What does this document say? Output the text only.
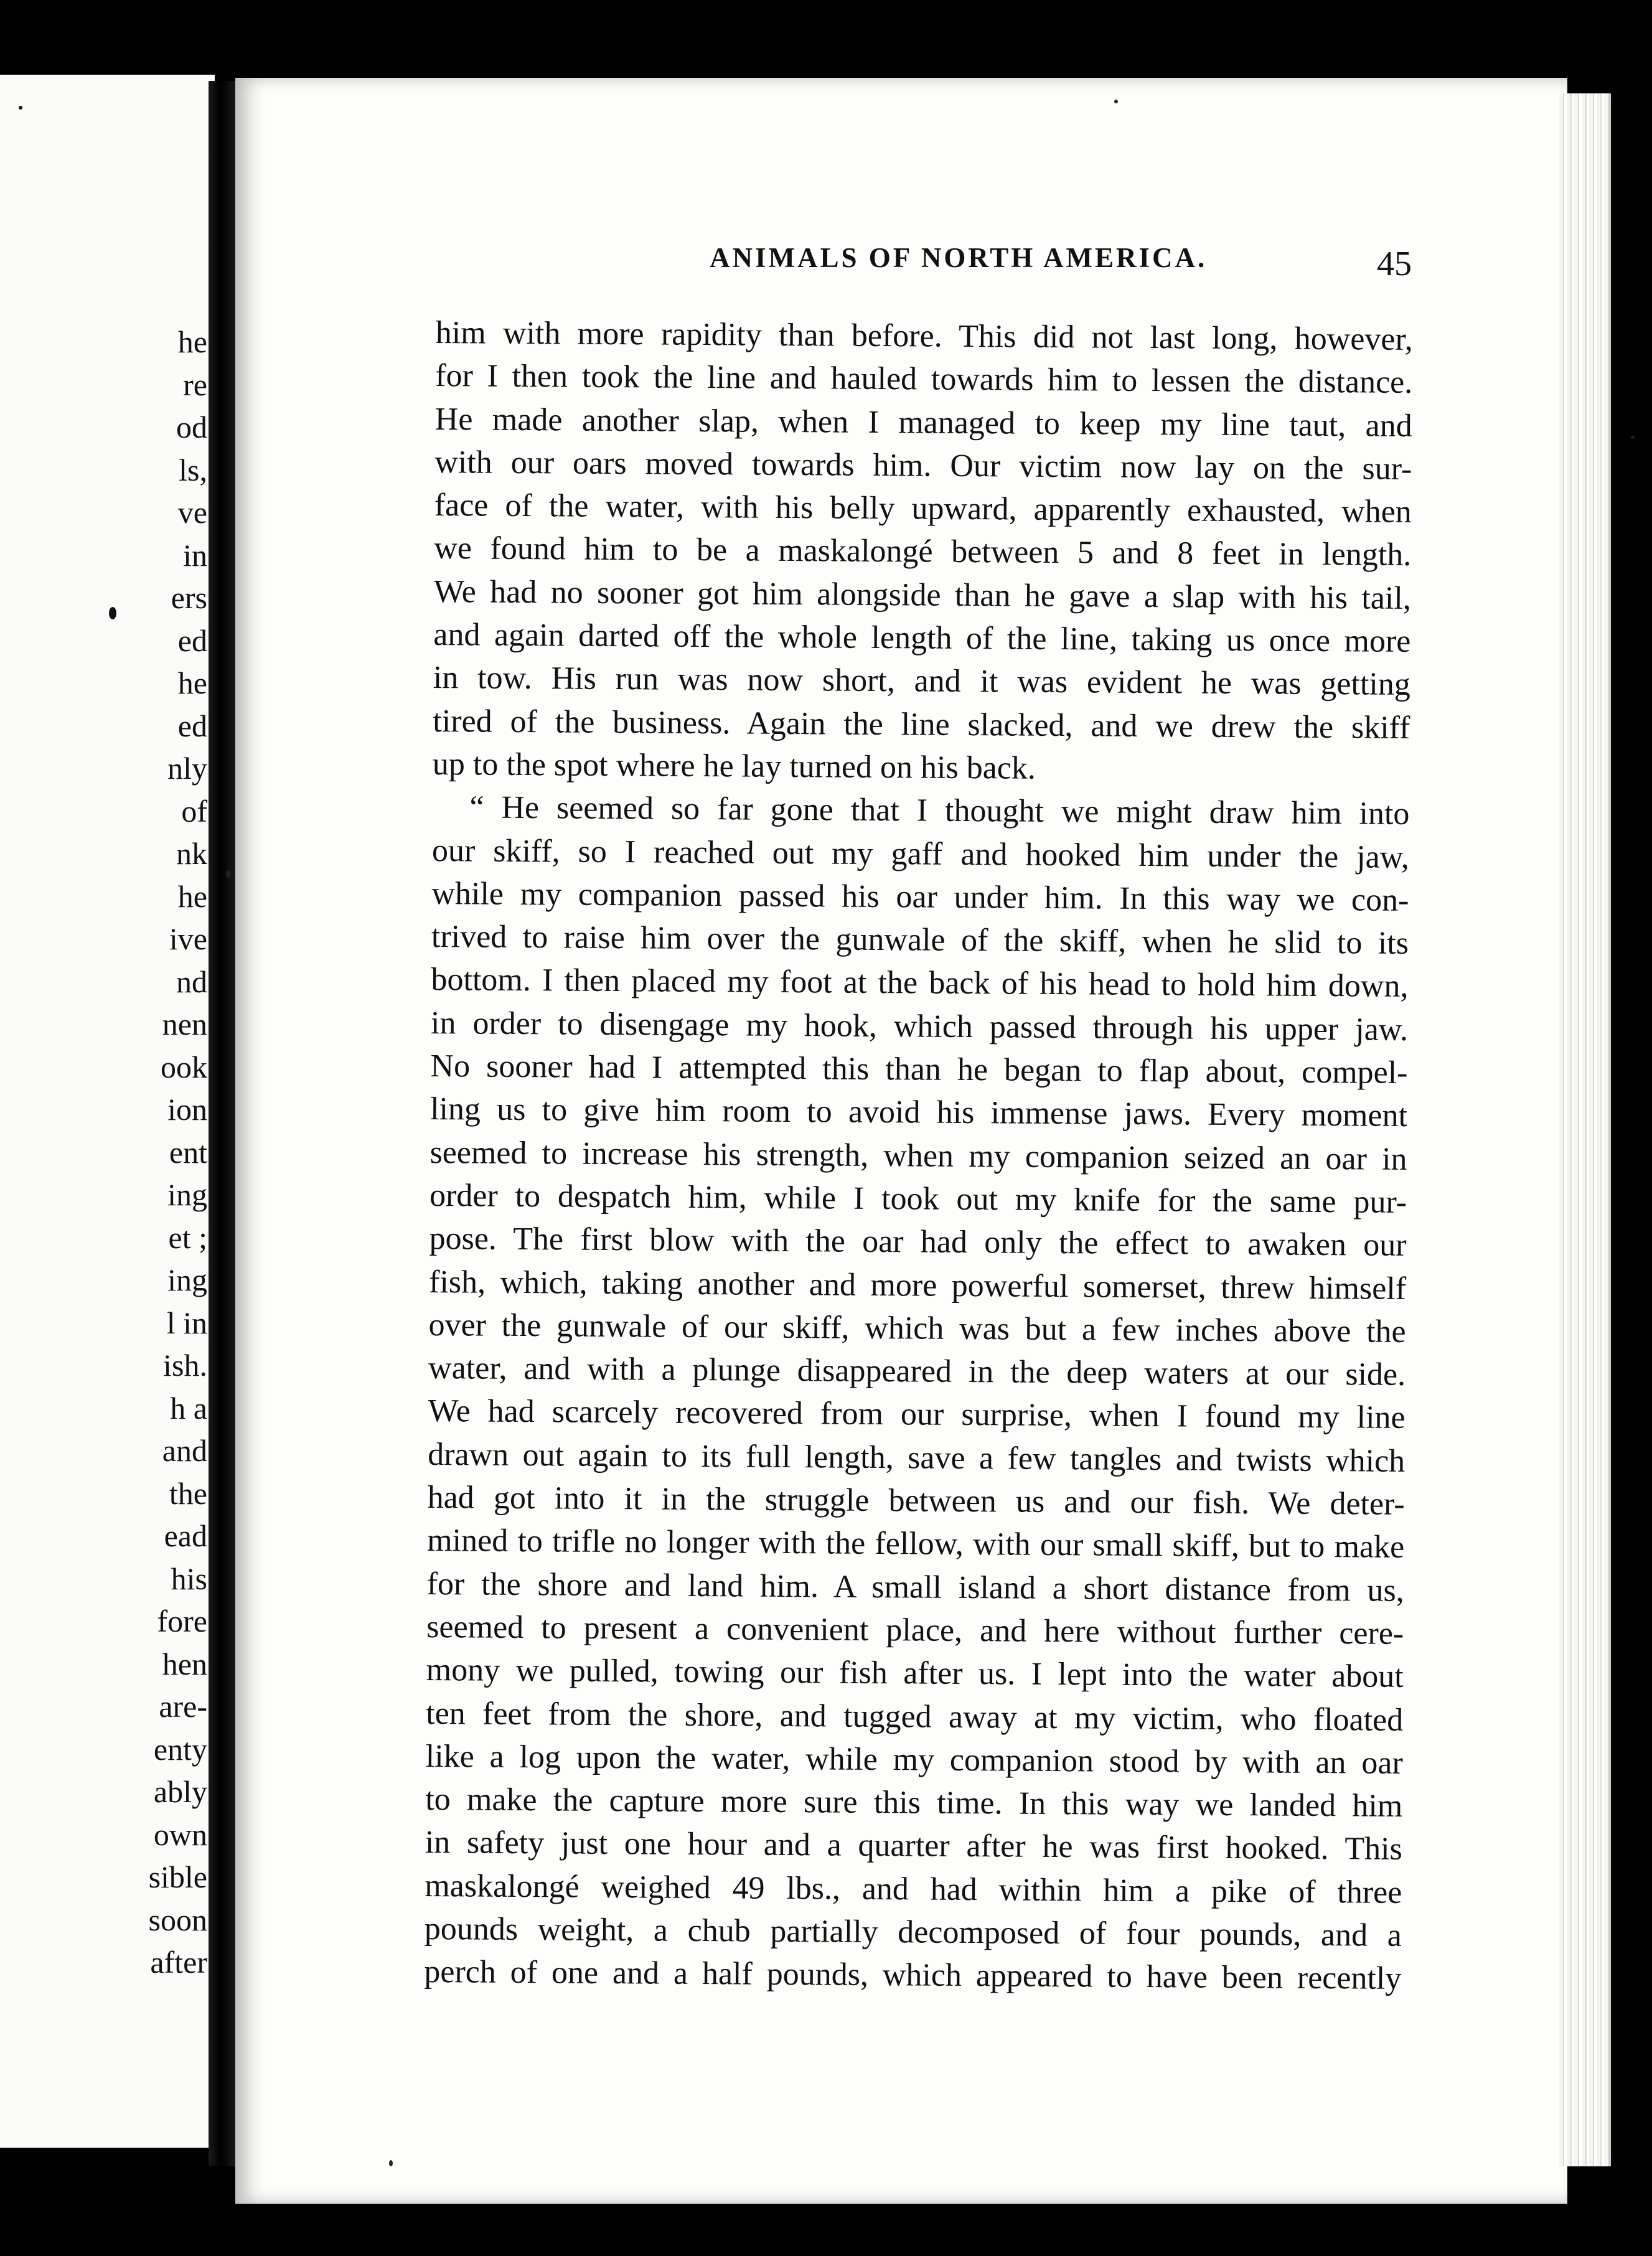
he
re
od
ls,
ve
in
ers
ed
he
ed
nly
of
nk
he
ive
nd
nen
ook
ion
ent
ing
et ;
ing
l in
ish.
h a
and
the
ead
his
fore
hen
are-
enty
ably
own
sible
soon
after
ANIMALS OF NORTH AMERICA.	45
him with more rapidity than before. This did not last long, however,
for I then took the line and hauled towards him to lessen the distance.
He made another slap, when I managed to keep my line taut, and
with our oars moved towards him. Our victim now lay on the sur-
face of the water, with his belly upward, apparently exhausted, when
we found him to be a maskalongé between 5 and 8 feet in length.
We had no sooner got him alongside than he gave a slap with his tail,
and again darted off the whole length of the line, taking us once more
in tow. His run was now short, and it was evident he was getting
tired of the business. Again the line slacked, and we drew the skiff
up to the spot where he lay turned on his back.
“ He seemed so far gone that I thought we might draw him into
our skiff, so I reached out my gaff and hooked him under the jaw,
while my companion passed his oar under him. In this way we con-
trived to raise him over the gunwale of the skiff, when he slid to its
bottom. I then placed my foot at the back of his head to hold him down,
in order to disengage my hook, which passed through his upper jaw.
No sooner had I attempted this than he began to flap about, compel-
ling us to give him room to avoid his immense jaws. Every moment
seemed to increase his strength, when my companion seized an oar in
order to despatch him, while I took out my knife for the same pur-
pose. The first blow with the oar had only the effect to awaken our
fish, which, taking another and more powerful somerset, threw himself
over the gunwale of our skiff, which was but a few inches above the
water, and with a plunge disappeared in the deep waters at our side.
We had scarcely recovered from our surprise, when I found my line
drawn out again to its full length, save a few tangles and twists which
had got into it in the struggle between us and our fish. We deter-
mined to trifle no longer with the fellow, with our small skiff, but to make
for the shore and land him. A small island a short distance from us,
seemed to present a convenient place, and here without further cere-
mony we pulled, towing our fish after us. I lept into the water about
ten feet from the shore, and tugged away at my victim, who floated
like a log upon the water, while my companion stood by with an oar
to make the capture more sure this time. In this way we landed him
in safety just one hour and a quarter after he was first hooked. This
maskalongé weighed 49 lbs., and had within him a pike of three
pounds weight, a chub partially decomposed of four pounds, and a
perch of one and a half pounds, which appeared to have been recently
